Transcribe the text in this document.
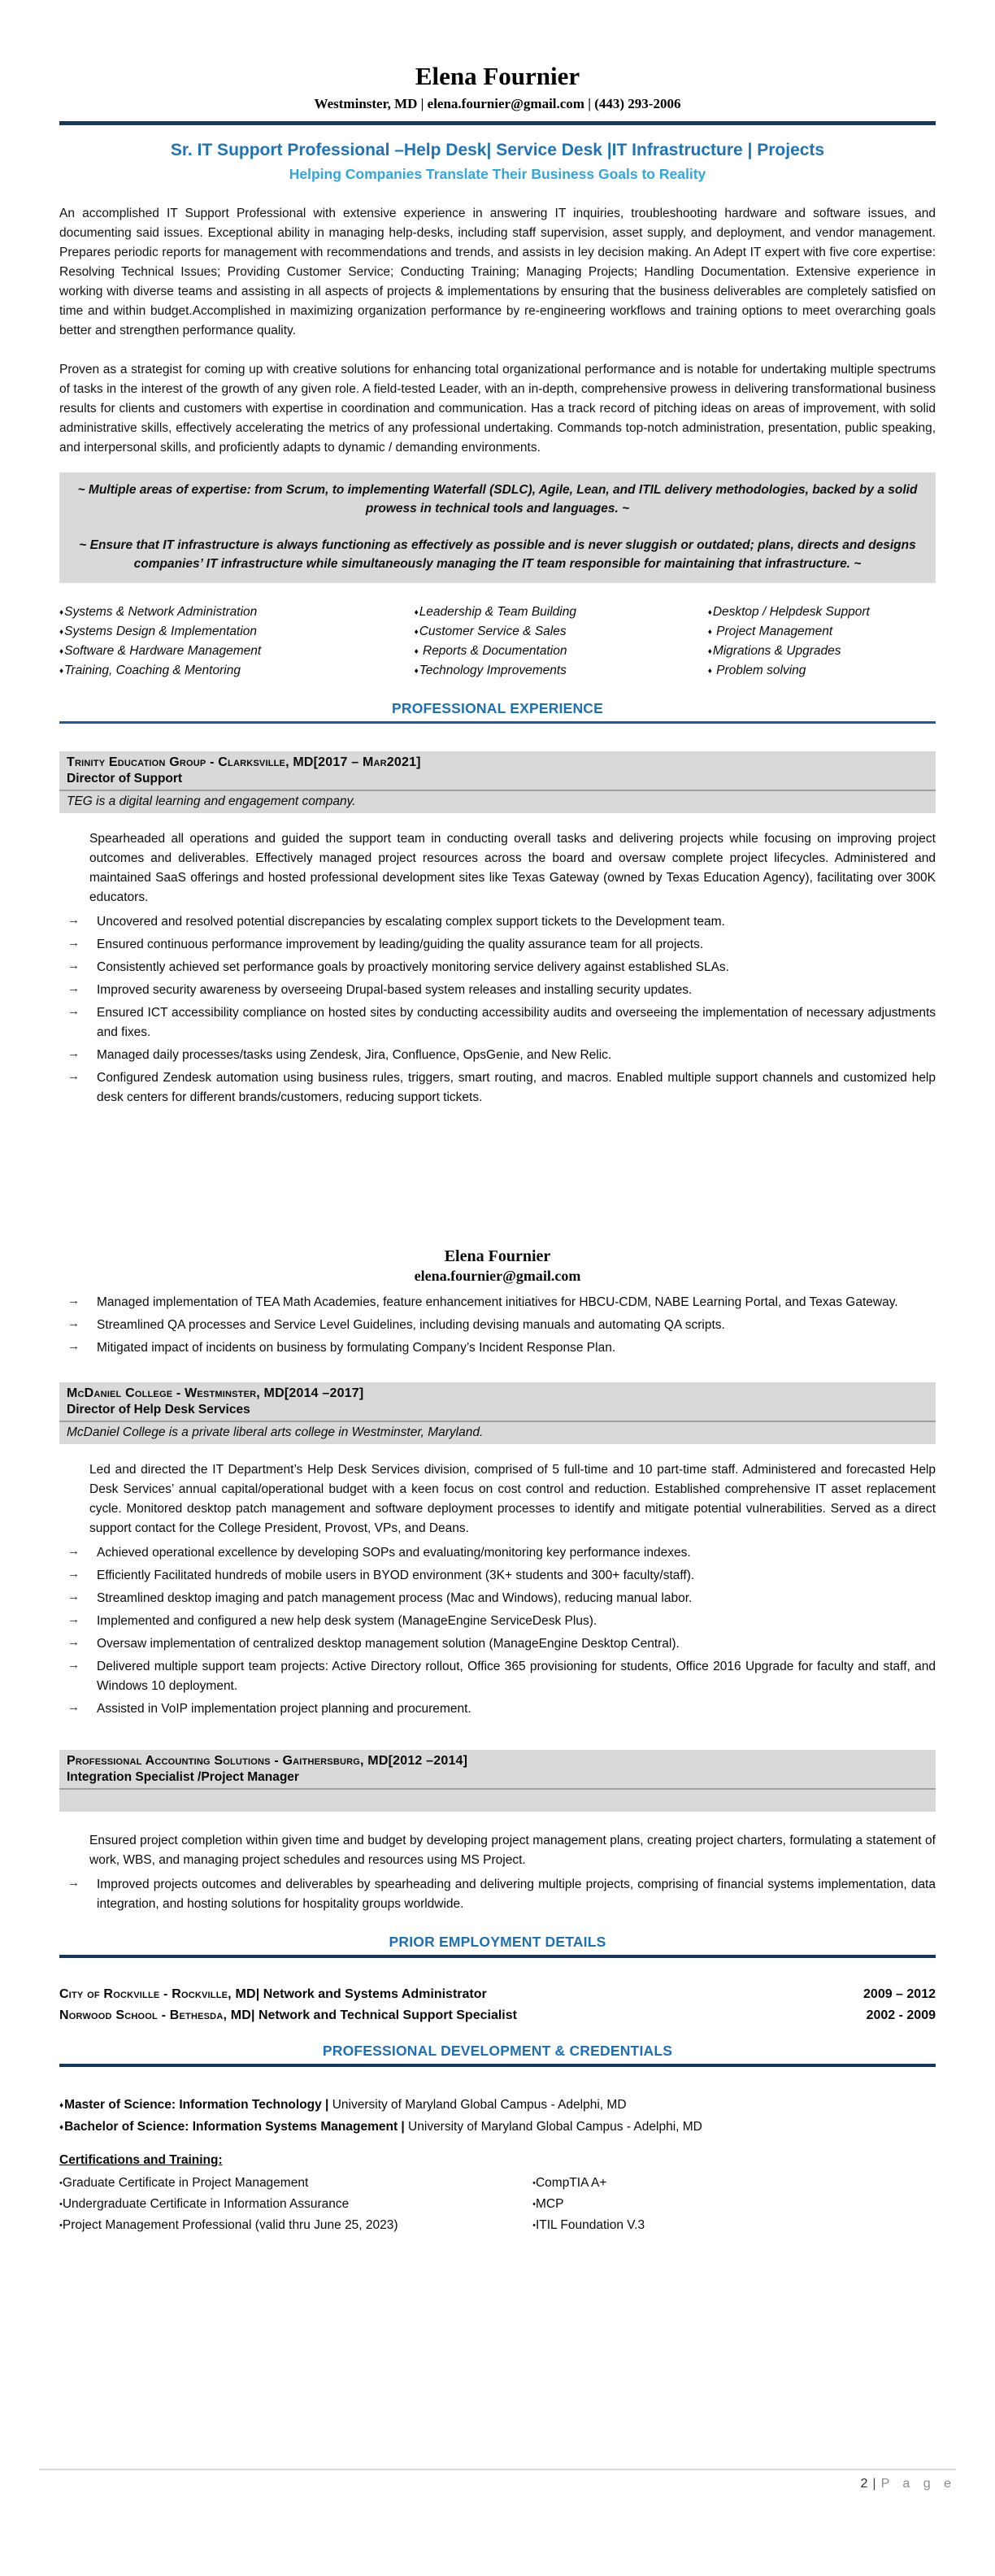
Elena Fournier
Westminster, MD | elena.fournier@gmail.com | (443) 293-2006
Sr. IT Support Professional –Help Desk| Service Desk |IT Infrastructure | Projects
Helping Companies Translate Their Business Goals to Reality
An accomplished IT Support Professional with extensive experience in answering IT inquiries, troubleshooting hardware and software issues, and documenting said issues. Exceptional ability in managing help-desks, including staff supervision, asset supply, and deployment, and vendor management. Prepares periodic reports for management with recommendations and trends, and assists in ley decision making. An Adept IT expert with five core expertise: Resolving Technical Issues; Providing Customer Service; Conducting Training; Managing Projects; Handling Documentation. Extensive experience in working with diverse teams and assisting in all aspects of projects & implementations by ensuring that the business deliverables are completely satisfied on time and within budget.Accomplished in maximizing organization performance by re-engineering workflows and training options to meet overarching goals better and strengthen performance quality.
Proven as a strategist for coming up with creative solutions for enhancing total organizational performance and is notable for undertaking multiple spectrums of tasks in the interest of the growth of any given role. A field-tested Leader, with an in-depth, comprehensive prowess in delivering transformational business results for clients and customers with expertise in coordination and communication. Has a track record of pitching ideas on areas of improvement, with solid administrative skills, effectively accelerating the metrics of any professional undertaking. Commands top-notch administration, presentation, public speaking, and interpersonal skills, and proficiently adapts to dynamic / demanding environments.
~ Multiple areas of expertise: from Scrum, to implementing Waterfall (SDLC), Agile, Lean, and ITIL delivery methodologies, backed by a solid prowess in technical tools and languages. ~
~ Ensure that IT infrastructure is always functioning as effectively as possible and is never sluggish or outdated; plans, directs and designs companies’ IT infrastructure while simultaneously managing the IT team responsible for maintaining that infrastructure. ~
♦Systems & Network Administration
♦Systems Design & Implementation
♦Software & Hardware Management
♦Training, Coaching & Mentoring
♦Leadership & Team Building
♦Customer Service & Sales
♦ Reports & Documentation
♦Technology Improvements
♦Desktop / Helpdesk Support
♦ Project Management
♦Migrations & Upgrades
♦ Problem solving
PROFESSIONAL EXPERIENCE
Trinity Education Group - Clarksville, MD[2017 – Mar2021]
Director of Support
TEG is a digital learning and engagement company.
Spearheaded all operations and guided the support team in conducting overall tasks and delivering projects while focusing on improving project outcomes and deliverables. Effectively managed project resources across the board and oversaw complete project lifecycles. Administered and maintained SaaS offerings and hosted professional development sites like Texas Gateway (owned by Texas Education Agency), facilitating over 300K educators.
→	Uncovered and resolved potential discrepancies by escalating complex support tickets to the Development team.
→	Ensured continuous performance improvement by leading/guiding the quality assurance team for all projects.
→	Consistently achieved set performance goals by proactively monitoring service delivery against established SLAs.
→	Improved security awareness by overseeing Drupal-based system releases and installing security updates.
→	Ensured ICT accessibility compliance on hosted sites by conducting accessibility audits and overseeing the implementation of necessary adjustments and fixes.
→	Managed daily processes/tasks using Zendesk, Jira, Confluence, OpsGenie, and New Relic.
→	Configured Zendesk automation using business rules, triggers, smart routing, and macros. Enabled multiple support channels and customized help desk centers for different brands/customers, reducing support tickets.
Elena Fournier
elena.fournier@gmail.com
→	Managed implementation of TEA Math Academies, feature enhancement initiatives for HBCU-CDM, NABE Learning Portal, and Texas Gateway.
→	Streamlined QA processes and Service Level Guidelines, including devising manuals and automating QA scripts.
→	Mitigated impact of incidents on business by formulating Company’s Incident Response Plan.
McDaniel College - Westminster, MD[2014 –2017]
Director of Help Desk Services
McDaniel College is a private liberal arts college in Westminster, Maryland.
Led and directed the IT Department’s Help Desk Services division, comprised of 5 full-time and 10 part-time staff. Administered and forecasted Help Desk Services’ annual capital/operational budget with a keen focus on cost control and reduction. Established comprehensive IT asset replacement cycle. Monitored desktop patch management and software deployment processes to identify and mitigate potential vulnerabilities. Served as a direct support contact for the College President, Provost, VPs, and Deans.
→	Achieved operational excellence by developing SOPs and evaluating/monitoring key performance indexes.
→	Efficiently Facilitated hundreds of mobile users in BYOD environment (3K+ students and 300+ faculty/staff).
→	Streamlined desktop imaging and patch management process (Mac and Windows), reducing manual labor.
→	Implemented and configured a new help desk system (ManageEngine ServiceDesk Plus).
→	Oversaw implementation of centralized desktop management solution (ManageEngine Desktop Central).
→	Delivered multiple support team projects: Active Directory rollout, Office 365 provisioning for students, Office 2016 Upgrade for faculty and staff, and Windows 10 deployment.
→	Assisted in VoIP implementation project planning and procurement.
Professional Accounting Solutions - Gaithersburg, MD[2012 –2014]
Integration Specialist /Project Manager
Ensured project completion within given time and budget by developing project management plans, creating project charters, formulating a statement of work, WBS, and managing project schedules and resources using MS Project.
→	Improved projects outcomes and deliverables by spearheading and delivering multiple projects, comprising of financial systems implementation, data integration, and hosting solutions for hospitality groups worldwide.
PRIOR EMPLOYMENT DETAILS
City of Rockville - Rockville, MD| Network and Systems Administrator	2009 – 2012
Norwood School - Bethesda, MD| Network and Technical Support Specialist	2002 - 2009
PROFESSIONAL DEVELOPMENT & CREDENTIALS
♦Master of Science: Information Technology | University of Maryland Global Campus - Adelphi, MD
♦Bachelor of Science: Information Systems Management | University of Maryland Global Campus - Adelphi, MD
Certifications and Training:
•Graduate Certificate in Project Management
•Undergraduate Certificate in Information Assurance
•Project Management Professional (valid thru June 25, 2023)
•CompTIA A+
•MCP
•ITIL Foundation V.3
2 | P a g e
